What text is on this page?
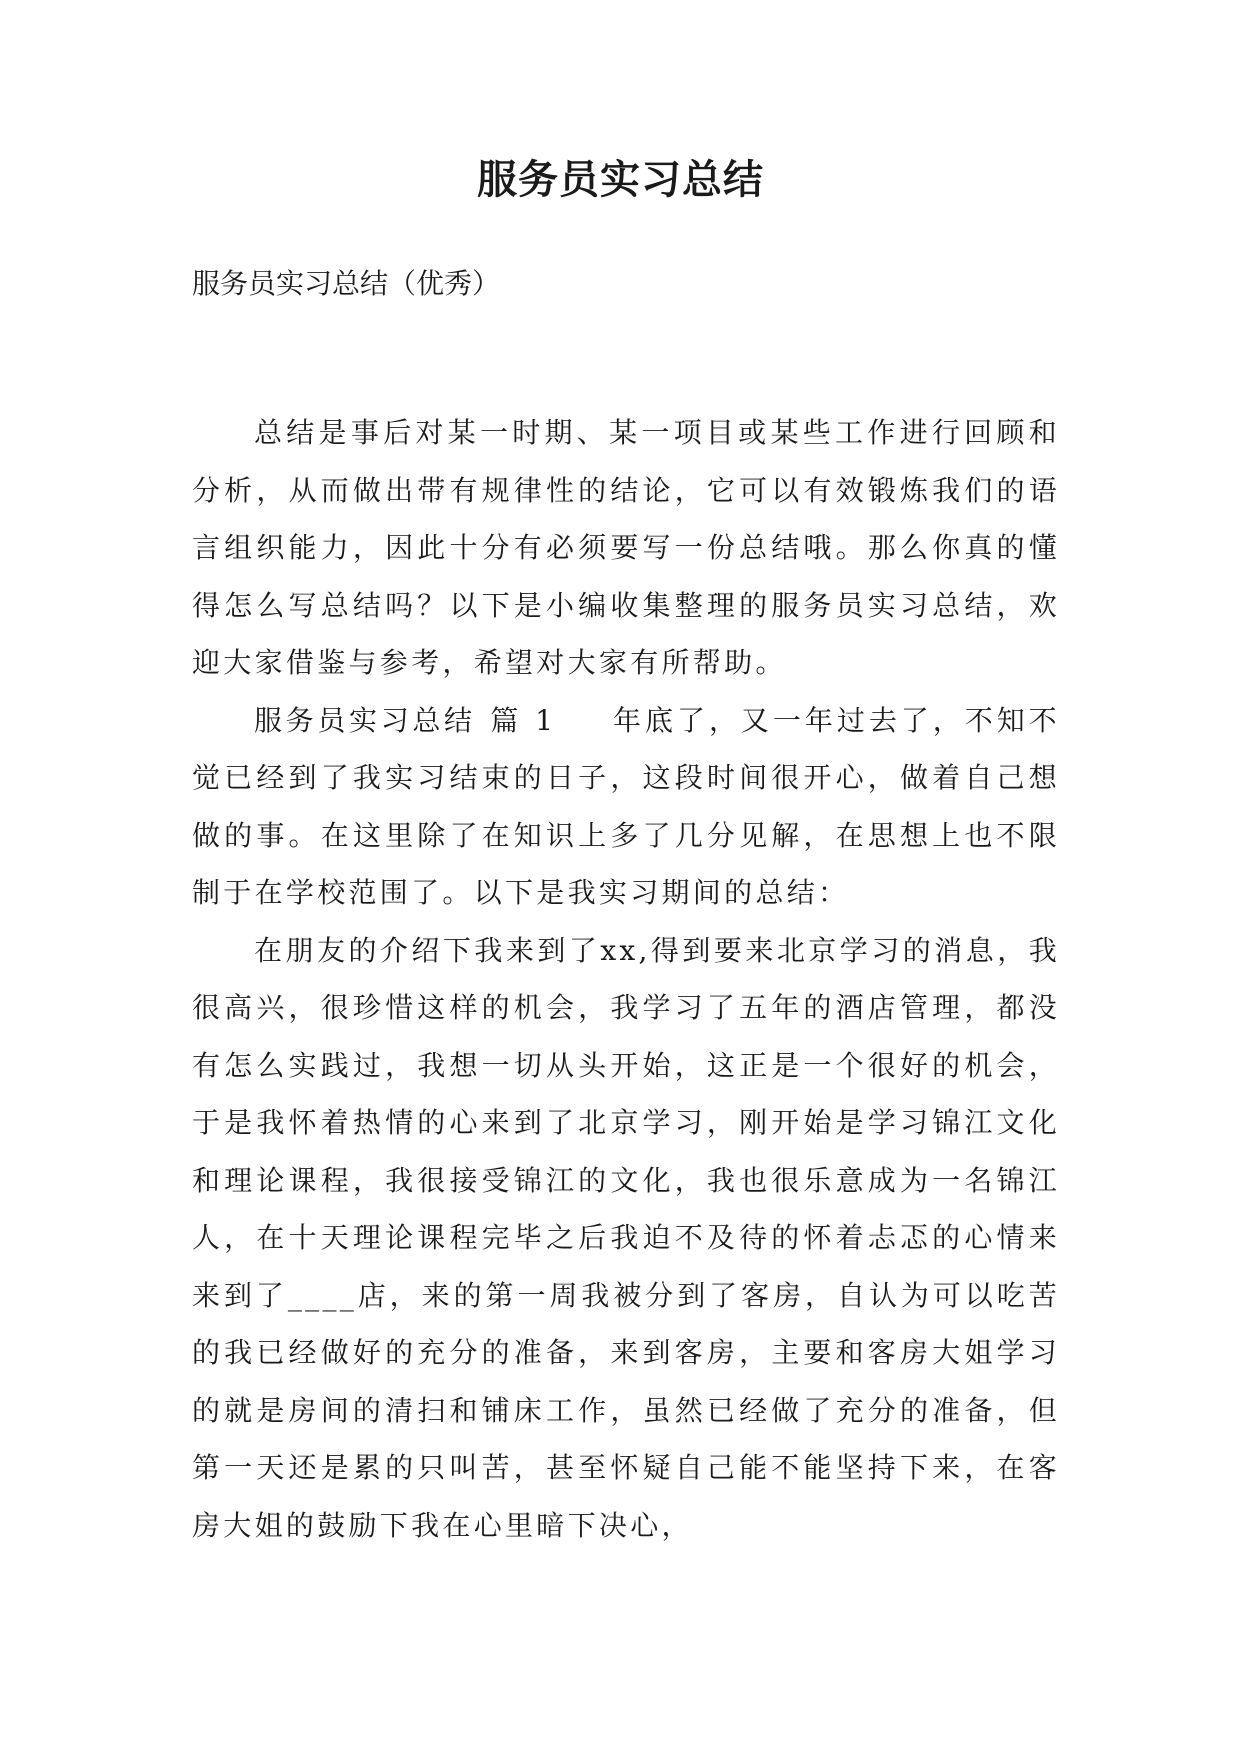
服务员实习总结

服务员实习总结（优秀）

总结是事后对某一时期、某一项目或某些工作进行回顾和分析，从而做出带有规律性的结论，它可以有效锻炼我们的语言组织能力，因此十分有必须要写一份总结哦。那么你真的懂得怎么写总结吗？以下是小编收集整理的服务员实习总结，欢迎大家借鉴与参考，希望对大家有所帮助。

服务员实习总结 篇 1 年底了，又一年过去了，不知不觉已经到了我实习结束的日子，这段时间很开心，做着自己想做的事。在这里除了在知识上多了几分见解，在思想上也不限制于在学校范围了。以下是我实习期间的总结：

在朋友的介绍下我来到了xx,得到要来北京学习的消息，我很高兴，很珍惜这样的机会，我学习了五年的酒店管理，都没有怎么实践过，我想一切从头开始，这正是一个很好的机会，于是我怀着热情的心来到了北京学习，刚开始是学习锦江文化和理论课程，我很接受锦江的文化，我也很乐意成为一名锦江人，在十天理论课程完毕之后我迫不及待的怀着忐忑的心情来来到了____店，来的第一周我被分到了客房，自认为可以吃苦的我已经做好的充分的准备，来到客房，主要和客房大姐学习的就是房间的清扫和铺床工作，虽然已经做了充分的准备，但第一天还是累的只叫苦，甚至怀疑自己能不能坚持下来，在客房大姐的鼓励下我在心里暗下决心，
